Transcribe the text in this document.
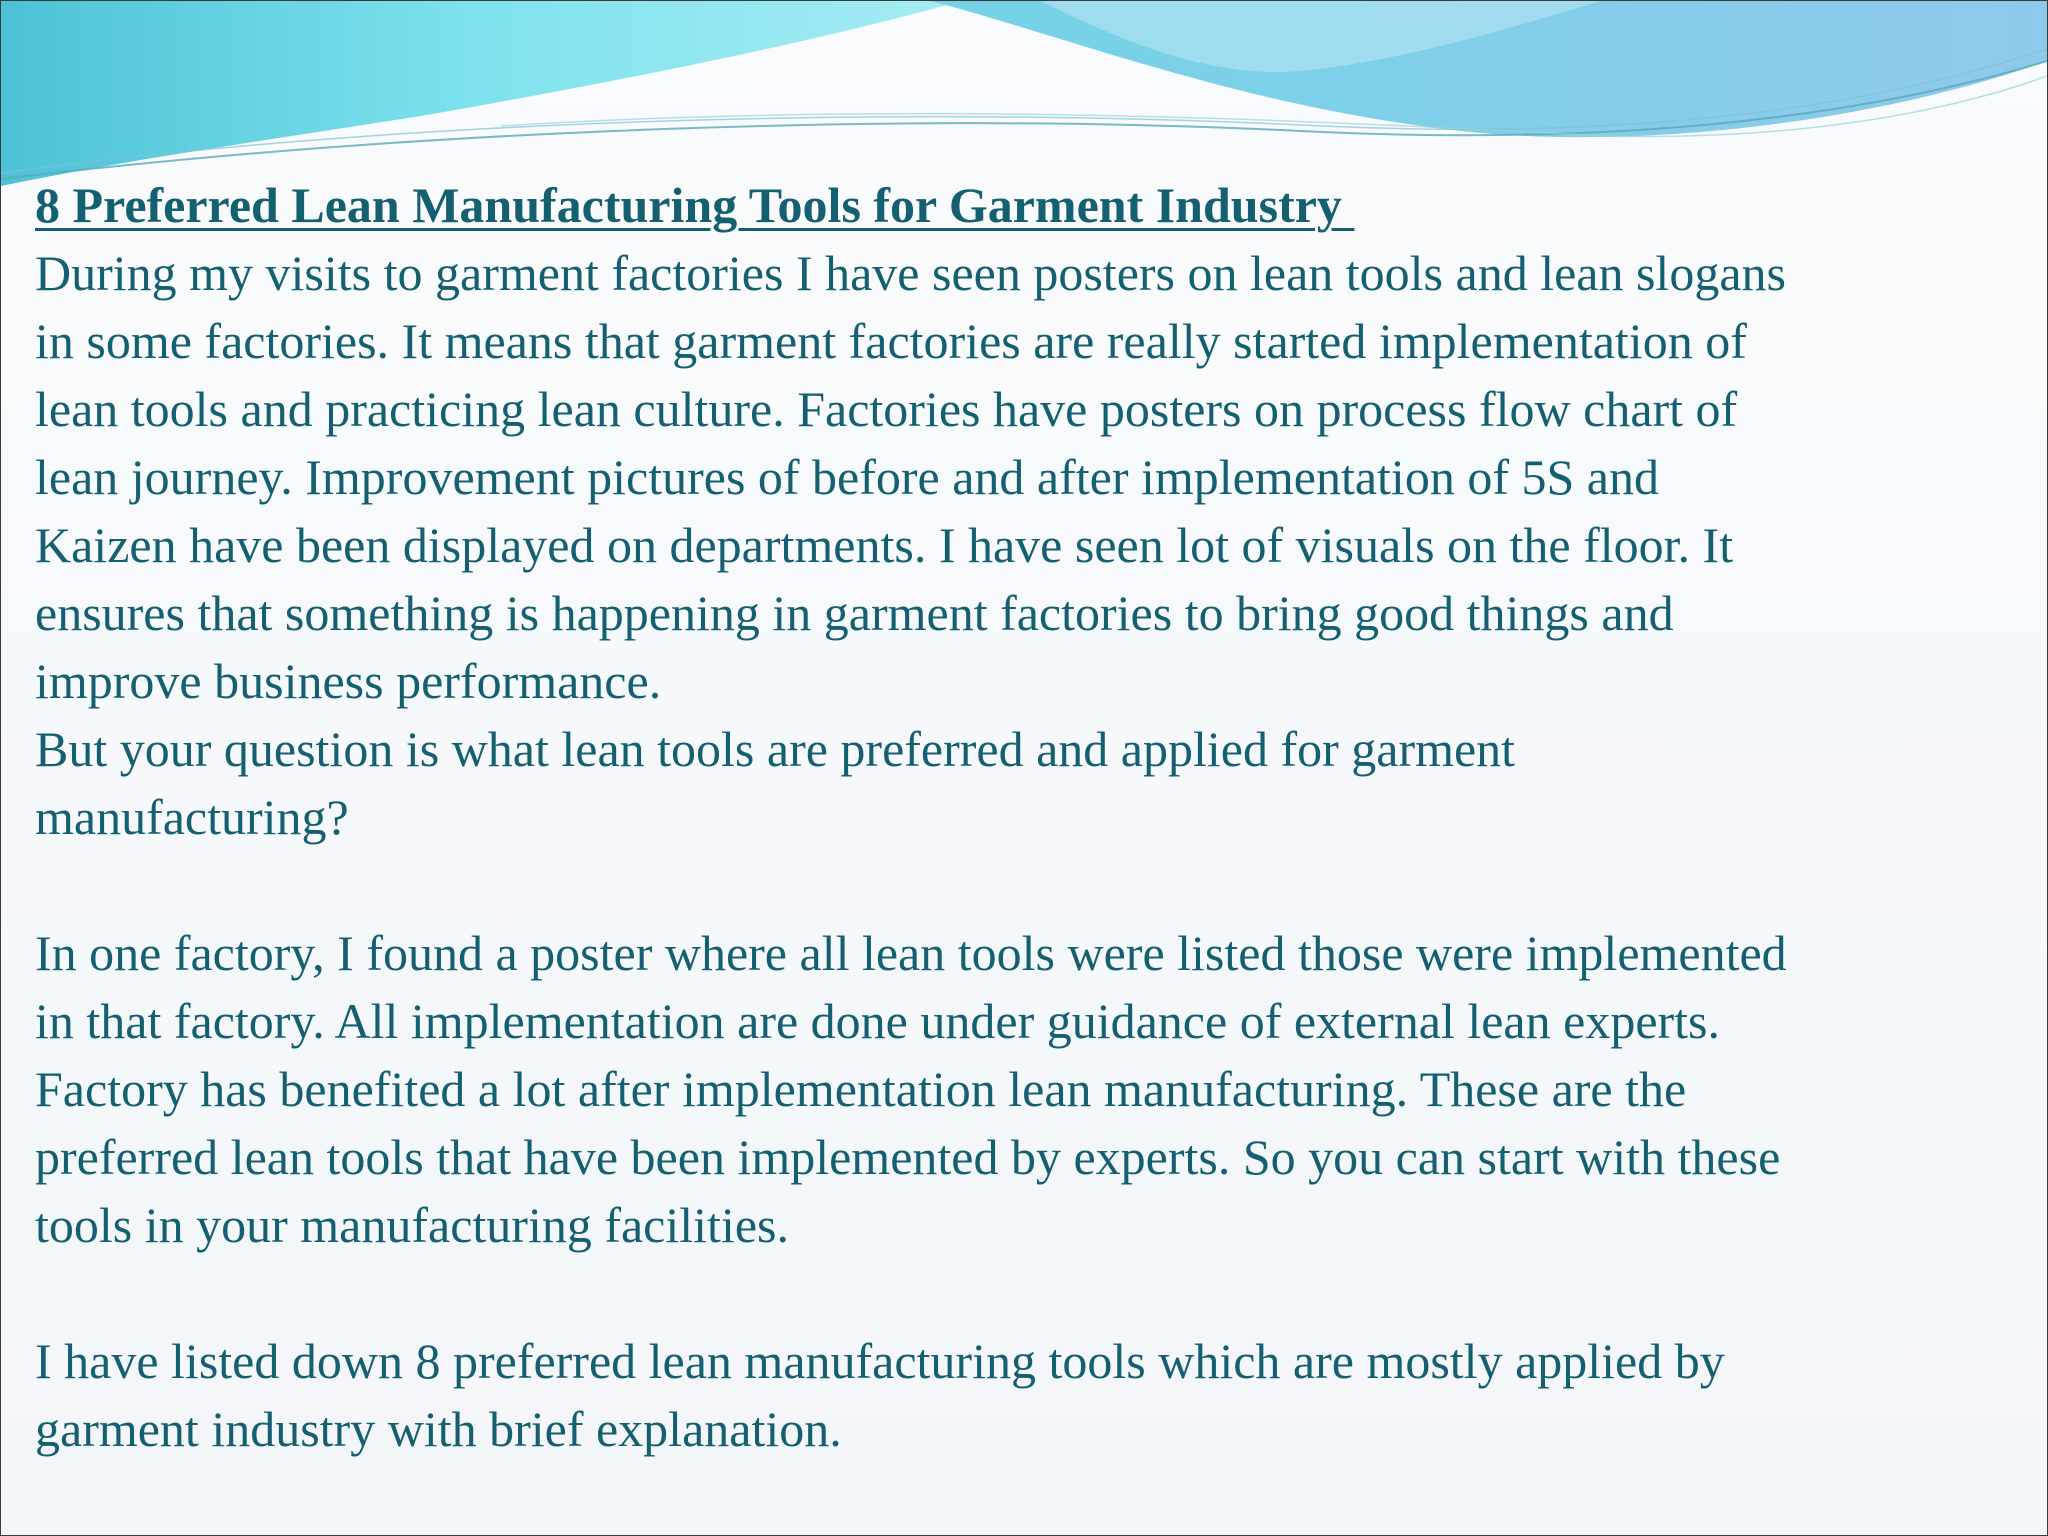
8 Preferred Lean Manufacturing Tools for Garment Industry

During my visits to garment factories I have seen posters on lean tools and lean slogans
in some factories. It means that garment factories are really started implementation of
lean tools and practicing lean culture. Factories have posters on process flow chart of
lean journey. Improvement pictures of before and after implementation of 5S and
Kaizen have been displayed on departments. I have seen lot of visuals on the floor. It
ensures that something is happening in garment factories to bring good things and
improve business performance.

But your question is what lean tools are preferred and applied for garment
manufacturing?

In one factory, I found a poster where all lean tools were listed those were implemented
in that factory. All implementation are done under guidance of external lean experts.
Factory has benefited a lot after implementation lean manufacturing. These are the
preferred lean tools that have been implemented by experts. So you can start with these
tools in your manufacturing facilities.

I have listed down 8 preferred lean manufacturing tools which are mostly applied by
garment industry with brief explanation.
